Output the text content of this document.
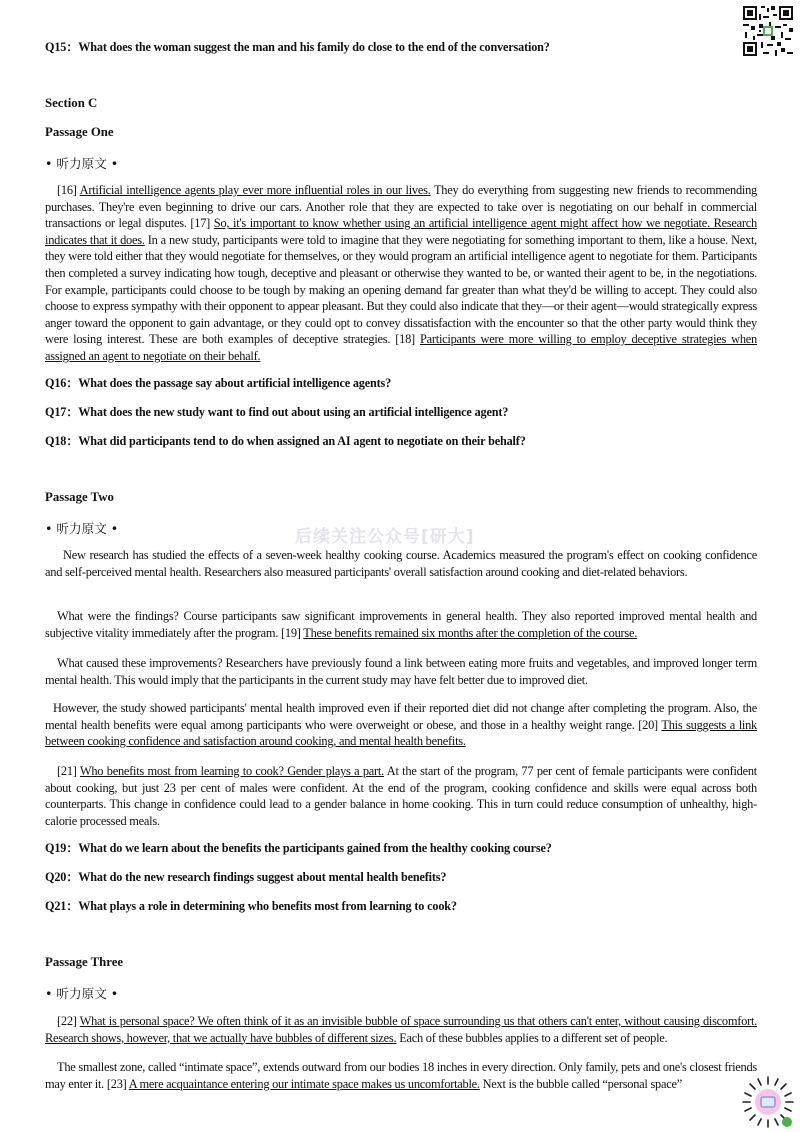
Q15：What does the woman suggest the man and his family do close to the end of the conversation?
Section C
Passage One
• 听力原文 •
[16] Artificial intelligence agents play ever more influential roles in our lives. They do everything from suggesting new friends to recommending purchases. They're even beginning to drive our cars. Another role that they are expected to take over is negotiating on our behalf in commercial transactions or legal disputes. [17] So, it's important to know whether using an artificial intelligence agent might affect how we negotiate. Research indicates that it does. In a new study, participants were told to imagine that they were negotiating for something important to them, like a house. Next, they were told either that they would negotiate for themselves, or they would program an artificial intelligence agent to negotiate for them. Participants then completed a survey indicating how tough, deceptive and pleasant or otherwise they wanted to be, or wanted their agent to be, in the negotiations. For example, participants could choose to be tough by making an opening demand far greater than what they'd be willing to accept. They could also choose to express sympathy with their opponent to appear pleasant. But they could also indicate that they—or their agent—would strategically express anger toward the opponent to gain advantage, or they could opt to convey dissatisfaction with the encounter so that the other party would think they were losing interest. These are both examples of deceptive strategies. [18] Participants were more willing to employ deceptive strategies when assigned an agent to negotiate on their behalf.
Q16：What does the passage say about artificial intelligence agents?
Q17：What does the new study want to find out about using an artificial intelligence agent?
Q18：What did participants tend to do when assigned an AI agent to negotiate on their behalf?
Passage Two
• 听力原文 •
New research has studied the effects of a seven-week healthy cooking course. Academics measured the program's effect on cooking confidence and self-perceived mental health. Researchers also measured participants' overall satisfaction around cooking and diet-related behaviors.
What were the findings? Course participants saw significant improvements in general health. They also reported improved mental health and subjective vitality immediately after the program. [19] These benefits remained six months after the completion of the course.
What caused these improvements? Researchers have previously found a link between eating more fruits and vegetables, and improved longer term mental health. This would imply that the participants in the current study may have felt better due to improved diet.
However, the study showed participants' mental health improved even if their reported diet did not change after completing the program. Also, the mental health benefits were equal among participants who were overweight or obese, and those in a healthy weight range. [20] This suggests a link between cooking confidence and satisfaction around cooking, and mental health benefits.
[21] Who benefits most from learning to cook? Gender plays a part. At the start of the program, 77 per cent of female participants were confident about cooking, but just 23 per cent of males were confident. At the end of the program, cooking confidence and skills were equal across both counterparts. This change in confidence could lead to a gender balance in home cooking. This in turn could reduce consumption of unhealthy, high-calorie processed meals.
Q19：What do we learn about the benefits the participants gained from the healthy cooking course?
Q20：What do the new research findings suggest about mental health benefits?
Q21：What plays a role in determining who benefits most from learning to cook?
Passage Three
• 听力原文 •
[22] What is personal space? We often think of it as an invisible bubble of space surrounding us that others can't enter, without causing discomfort. Research shows, however, that we actually have bubbles of different sizes. Each of these bubbles applies to a different set of people.
The smallest zone, called “intimate space”, extends outward from our bodies 18 inches in every direction. Only family, pets and one's closest friends may enter it. [23] A mere acquaintance entering our intimate space makes us uncomfortable. Next is the bubble called “personal space”
后续关注公众号[研大]
